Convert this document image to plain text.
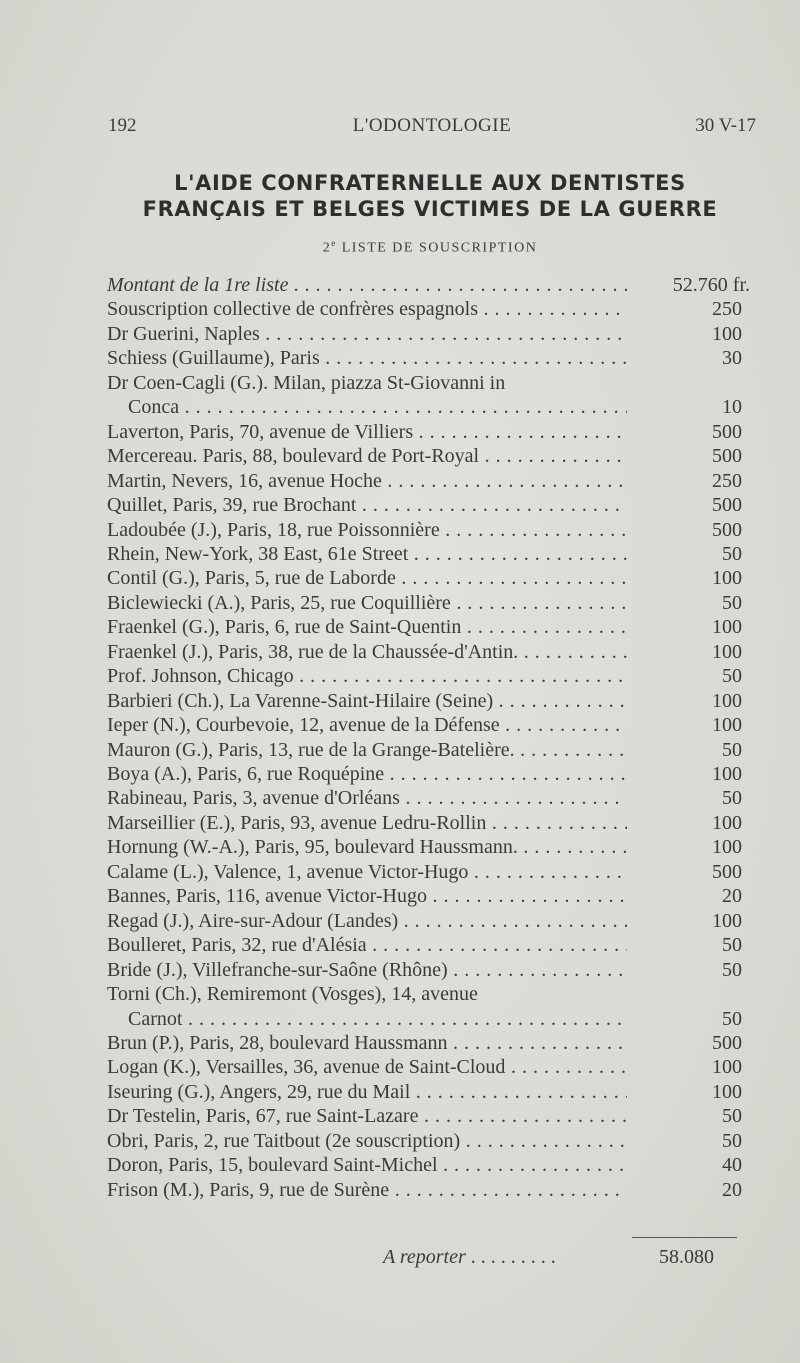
192	L'ODONTOLOGIE	30 V-17
L'AIDE CONFRATERNELLE AUX DENTISTES
FRANÇAIS ET BELGES VICTIMES DE LA GUERRE
2e LISTE DE SOUSCRIPTION
Montant de la 1re liste . . .	52.760 fr.
Souscription collective de confrères espagnols . . .	250
Dr Guerini, Naples . . .	100
Schiess (Guillaume), Paris . . .	30
Dr Coen-Cagli (G.). Milan, piazza St-Giovanni in
Conca . . .	10
Laverton, Paris, 70, avenue de Villiers . . .	500
Mercereau. Paris, 88, boulevard de Port-Royal . . .	500
Martin, Nevers, 16, avenue Hoche . . .	250
Quillet, Paris, 39, rue Brochant . . .	500
Ladoubée (J.), Paris, 18, rue Poissonnière . . .	500
Rhein, New-York, 38 East, 61e Street . . .	50
Contil (G.), Paris, 5, rue de Laborde . . .	100
Biclewiecki (A.), Paris, 25, rue Coquillière . . .	50
Fraenkel (G.), Paris, 6, rue de Saint-Quentin . . .	100
Fraenkel (J.), Paris, 38, rue de la Chaussée-d'Antin. . . .	100
Prof. Johnson, Chicago . . .	50
Barbieri (Ch.), La Varenne-Saint-Hilaire (Seine) . . .	100
Ieper (N.), Courbevoie, 12, avenue de la Défense . . .	100
Mauron (G.), Paris, 13, rue de la Grange-Batelière. . . .	50
Boya (A.), Paris, 6, rue Roquépine . . .	100
Rabineau, Paris, 3, avenue d'Orléans . . .	50
Marseillier (E.), Paris, 93, avenue Ledru-Rollin . . .	100
Hornung (W.-A.), Paris, 95, boulevard Haussmann. . . .	100
Calame (L.), Valence, 1, avenue Victor-Hugo . . .	500
Bannes, Paris, 116, avenue Victor-Hugo . . .	20
Regad (J.), Aire-sur-Adour (Landes) . . .	100
Boulleret, Paris, 32, rue d'Alésia . . .	50
Bride (J.), Villefranche-sur-Saône (Rhône) . . .	50
Torni (Ch.), Remiremont (Vosges), 14, avenue
Carnot . . .	50
Brun (P.), Paris, 28, boulevard Haussmann . . .	500
Logan (K.), Versailles, 36, avenue de Saint-Cloud . . .	100
Iseuring (G.), Angers, 29, rue du Mail . . .	100
Dr Testelin, Paris, 67, rue Saint-Lazare . . .	50
Obri, Paris, 2, rue Taitbout (2e souscription) . . .	50
Doron, Paris, 15, boulevard Saint-Michel . . .	40
Frison (M.), Paris, 9, rue de Surène . . .	20
A reporter . . .	58.080
